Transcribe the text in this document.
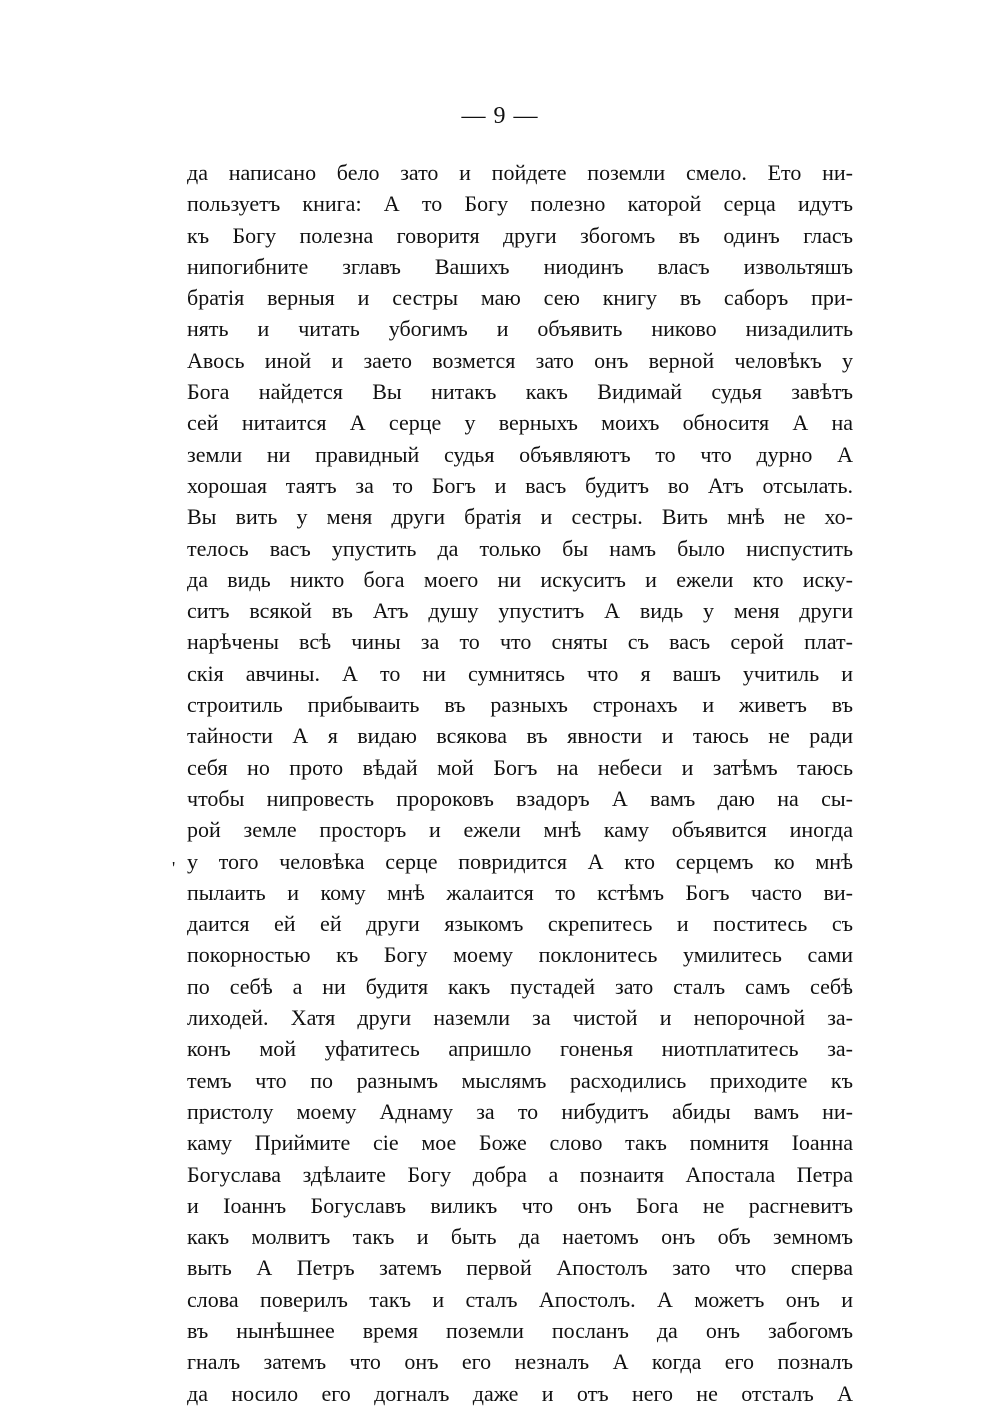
— 9 —
'
да написано бело зато и пойдете поземли смело. Ето ни-
пользуетъ книга: А то Богу полезно каторой серца идутъ
къ Богу полезна говоритя други збогомъ въ одинъ гласъ
нипогибните зглавъ Вашихъ ниодинъ власъ извольтяшъ
братія верныя и сестры маю сею книгу въ саборъ при-
нять и читать убогимъ и объявить никово низадилить
Авось иной и заето возмется зато онъ верной человѣкъ у
Бога найдется Вы нитакъ какъ Видимай судья завѣтъ
сей нитаится А серце у верныхъ моихъ обноситя А на
земли ни правидный судья объявляютъ то что дурно А
хорошая таятъ за то Богъ и васъ будитъ во Атъ отсылать.
Вы вить у меня други братія и сестры. Вить мнѣ не хо-
телось васъ упустить да только бы намъ было ниспустить
да видь никто бога моего ни искуситъ и ежели кто иску-
ситъ всякой въ Атъ душу упуститъ А видь у меня други
нарѣчены всѣ чины за то что сняты съ васъ серой плат-
скія авчины. А то ни сумнитясь что я вашъ учитиль и
строитиль прибываить въ разныхъ стронахъ и живетъ въ
тайности А я видаю всякова въ явности и таюсь не ради
себя но прото вѣдай мой Богъ на небеси и затѣмъ таюсь
чтобы нипровесть пророковъ взадоръ А вамъ даю на сы-
рой земле просторъ и ежели мнѣ каму объявится иногда
у того человѣка серце повридится А кто серцемъ ко мнѣ
пылаить и кому мнѣ жалаится то кстѣмъ Богъ часто ви-
даится ей ей други языкомъ скрепитесь и поститесь съ
покорностью къ Богу моему поклонитесь умилитесь сами
по себѣ а ни будитя какъ пустадей зато сталъ самъ себѣ
лиходей. Хатя други наземли за чистой и непорочной за-
конъ мой уфатитесь апришло гоненья ниотплатитесь за-
темъ что по разнымъ мыслямъ расходились приходите къ
пристолу моему Аднаму за то нибудитъ абиды вамъ ни-
каму Приймите сіе мое Боже слово такъ помнитя Іоанна
Богуслава здѣлаите Богу добра а познаитя Апостала Петра
и Іоаннъ Богуславъ виликъ что онъ Бога не расгневитъ
какъ молвитъ такъ и быть да наетомъ онъ объ земномъ
выть А Петръ затемъ первой Апостолъ зато что сперва
слова поверилъ такъ и сталъ Апостолъ. А можетъ онъ и
въ нынѣшнее время поземли посланъ да онъ забогомъ
гналъ затемъ что онъ его незналъ А когда его позналъ
да носило его догналъ даже и отъ него не отсталъ А
